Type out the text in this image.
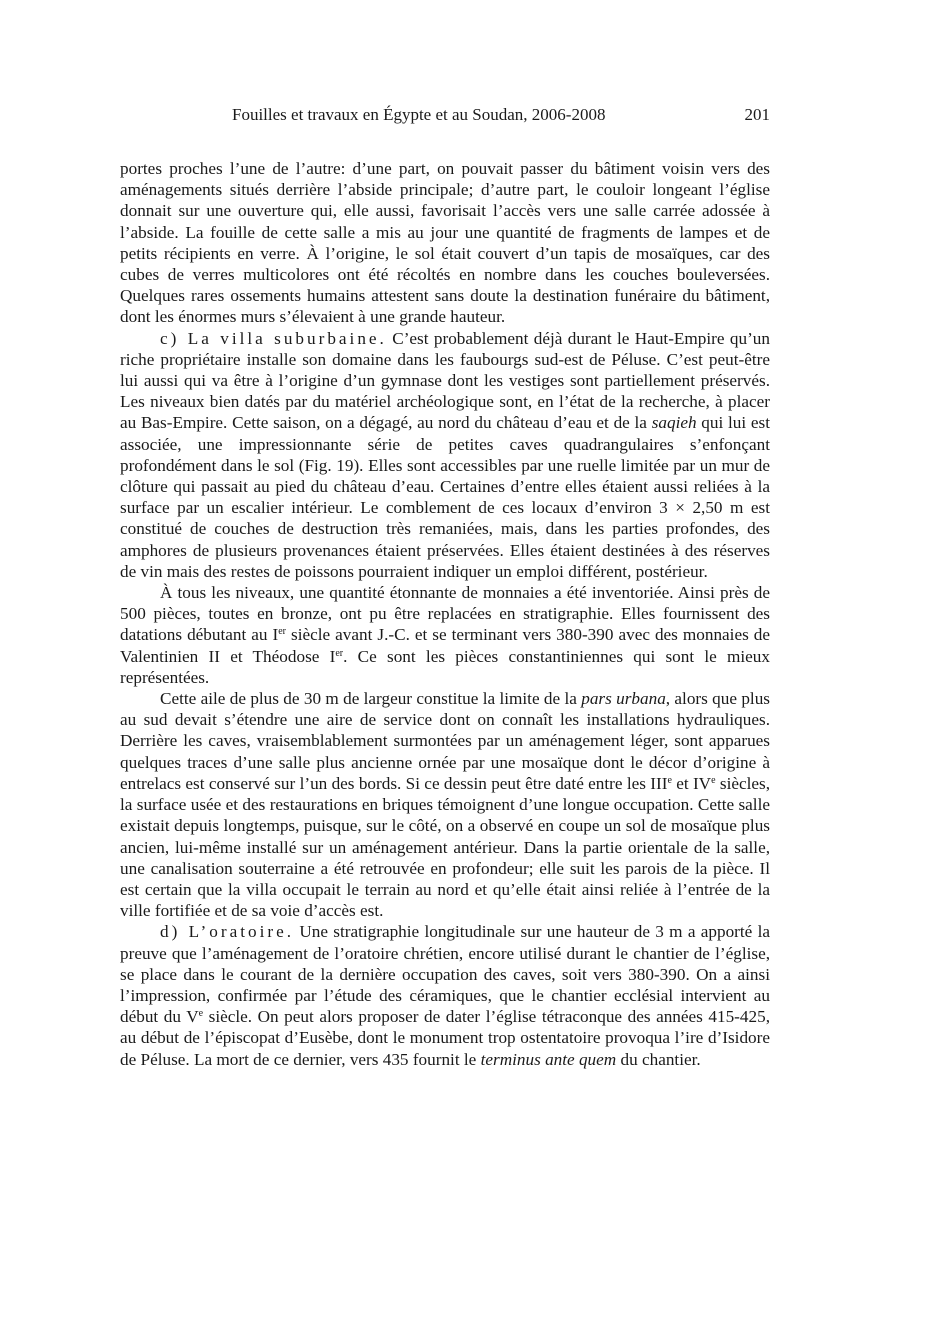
Fouilles et travaux en Égypte et au Soudan, 2006-2008	201

portes proches l’une de l’autre: d’une part, on pouvait passer du bâtiment voisin vers des aménagements situés derrière l’abside principale; d’autre part, le couloir longeant l’église donnait sur une ouverture qui, elle aussi, favorisait l’accès vers une salle carrée adossée à l’abside. La fouille de cette salle a mis au jour une quantité de fragments de lampes et de petits récipients en verre. À l’origine, le sol était couvert d’un tapis de mosaïques, car des cubes de verres multicolores ont été récoltés en nombre dans les couches bouleversées. Quelques rares ossements humains attestent sans doute la destination funéraire du bâtiment, dont les énormes murs s’élevaient à une grande hauteur.

c) La villa suburbaine. C’est probablement déjà durant le Haut-Empire qu’un riche propriétaire installe son domaine dans les faubourgs sud-est de Péluse. C’est peut-être lui aussi qui va être à l’origine d’un gymnase dont les vestiges sont partiellement préservés. Les niveaux bien datés par du matériel archéologique sont, en l’état de la recherche, à placer au Bas-Empire. Cette saison, on a dégagé, au nord du château d’eau et de la saqieh qui lui est associée, une impressionnante série de petites caves quadrangulaires s’enfonçant profondément dans le sol (Fig. 19). Elles sont accessibles par une ruelle limitée par un mur de clôture qui passait au pied du château d’eau. Certaines d’entre elles étaient aussi reliées à la surface par un escalier intérieur. Le comblement de ces locaux d’environ 3 × 2,50 m est constitué de couches de destruction très remaniées, mais, dans les parties profondes, des amphores de plusieurs provenances étaient préservées. Elles étaient destinées à des réserves de vin mais des restes de poissons pourraient indiquer un emploi différent, postérieur.

À tous les niveaux, une quantité étonnante de monnaies a été inventoriée. Ainsi près de 500 pièces, toutes en bronze, ont pu être replacées en stratigraphie. Elles fournissent des datations débutant au Ier siècle avant J.-C. et se terminant vers 380-390 avec des monnaies de Valentinien II et Théodose Ier. Ce sont les pièces constantiniennes qui sont le mieux représentées.

Cette aile de plus de 30 m de largeur constitue la limite de la pars urbana, alors que plus au sud devait s’étendre une aire de service dont on connaît les installations hydrauliques. Derrière les caves, vraisemblablement surmontées par un aménagement léger, sont apparues quelques traces d’une salle plus ancienne ornée par une mosaïque dont le décor d’origine à entrelacs est conservé sur l’un des bords. Si ce dessin peut être daté entre les IIIe et IVe siècles, la surface usée et des restaurations en briques témoignent d’une longue occupation. Cette salle existait depuis longtemps, puisque, sur le côté, on a observé en coupe un sol de mosaïque plus ancien, lui-même installé sur un aménagement antérieur. Dans la partie orientale de la salle, une canalisation souterraine a été retrouvée en profondeur; elle suit les parois de la pièce. Il est certain que la villa occupait le terrain au nord et qu’elle était ainsi reliée à l’entrée de la ville fortifiée et de sa voie d’accès est.

d) L’oratoire. Une stratigraphie longitudinale sur une hauteur de 3 m a apporté la preuve que l’aménagement de l’oratoire chrétien, encore utilisé durant le chantier de l’église, se place dans le courant de la dernière occupation des caves, soit vers 380-390. On a ainsi l’impression, confirmée par l’étude des céramiques, que le chantier ecclésial intervient au début du Ve siècle. On peut alors proposer de dater l’église tétraconque des années 415-425, au début de l’épiscopat d’Eusèbe, dont le monument trop ostentatoire provoqua l’ire d’Isidore de Péluse. La mort de ce dernier, vers 435 fournit le terminus ante quem du chantier.
